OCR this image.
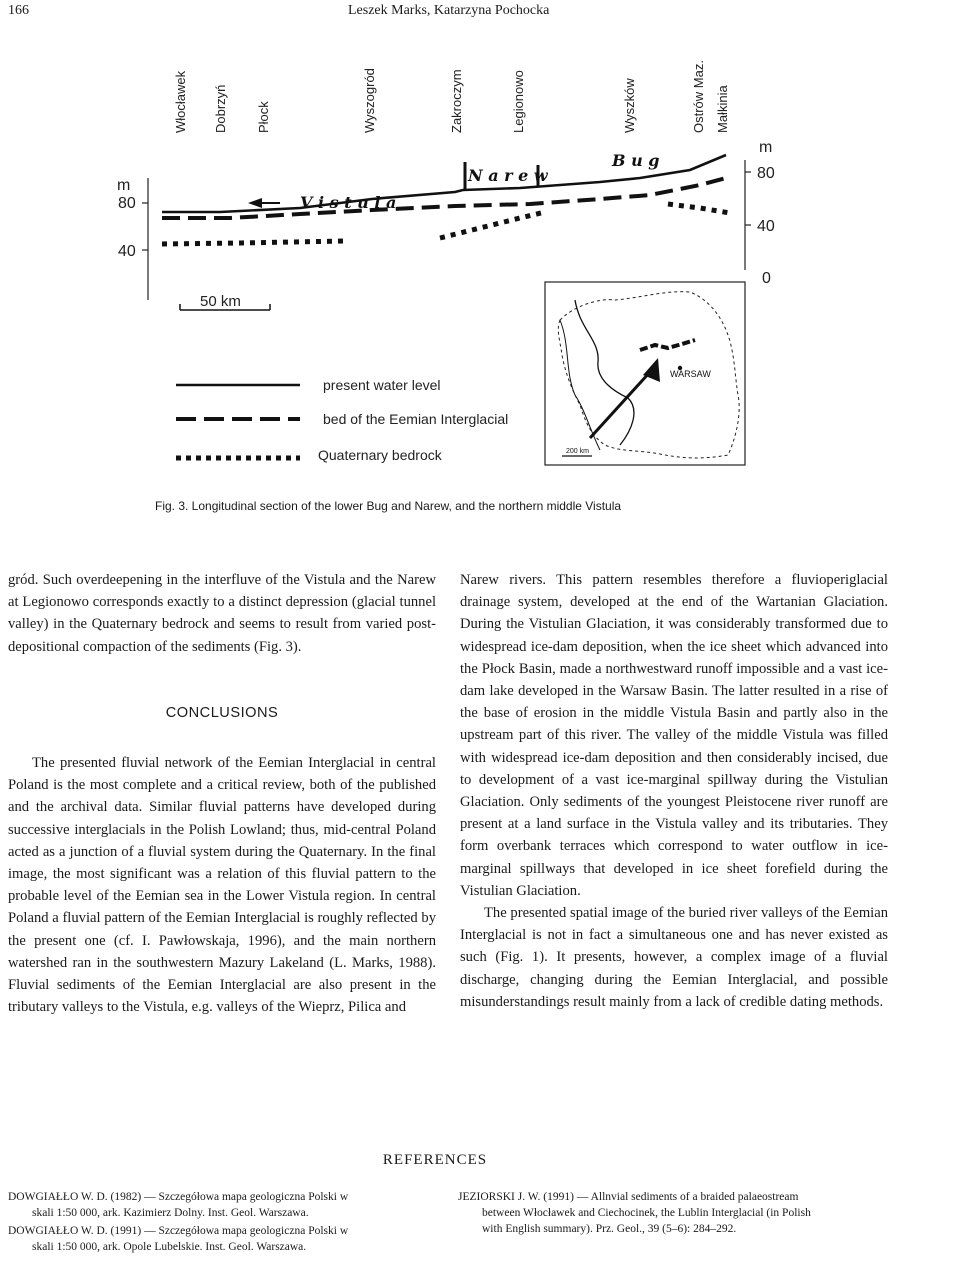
166	Leszek Marks, Katarzyna Pochocka
Włocławek Dobrzyń Płock	Wyszogród	Zakroczym	Legionowo	Wyszków	Ostrów Maz. Małkinia
m
80
40
m
80
40
0
V i s t u l a
N a r e w
B u g
50 km
present water level
bed of the Eemian Interglacial
Quaternary bedrock
WARSAW
200 km
Fig. 3. Longitudinal section of the lower Bug and Narew, and the northern middle Vistula

gród. Such overdeepening in the interfluve of the Vistula and the Narew at Legionowo corresponds exactly to a distinct depression (glacial tunnel valley) in the Quaternary bedrock and seems to result from varied post-depositional compaction of the sediments (Fig. 3).

CONCLUSIONS

The presented fluvial network of the Eemian Interglacial in central Poland is the most complete and a critical review, both of the published and the archival data. Similar fluvial patterns have developed during successive interglacials in the Polish Lowland; thus, mid-central Poland acted as a junction of a fluvial system during the Quaternary. In the final image, the most significant was a relation of this fluvial pattern to the probable level of the Eemian sea in the Lower Vistula region. In central Poland a fluvial pattern of the Eemian Interglacial is roughly reflected by the present one (cf. I. Pawłowskaja, 1996), and the main northern watershed ran in the southwestern Mazury Lakeland (L. Marks, 1988). Fluvial sediments of the Eemian Interglacial are also present in the tributary valleys to the Vistula, e.g. valleys of the Wieprz, Pilica and

Narew rivers. This pattern resembles therefore a fluvioperiglacial drainage system, developed at the end of the Wartanian Glaciation. During the Vistulian Glaciation, it was considerably transformed due to widespread ice-dam deposition, when the ice sheet which advanced into the Płock Basin, made a northwestward runoff impossible and a vast ice-dam lake developed in the Warsaw Basin. The latter resulted in a rise of the base of erosion in the middle Vistula Basin and partly also in the upstream part of this river. The valley of the middle Vistula was filled with widespread ice-dam deposition and then considerably incised, due to development of a vast ice-marginal spillway during the Vistulian Glaciation. Only sediments of the youngest Pleistocene river runoff are present at a land surface in the Vistula valley and its tributaries. They form overbank terraces which correspond to water outflow in ice-marginal spillways that developed in ice sheet forefield during the Vistulian Glaciation.

The presented spatial image of the buried river valleys of the Eemian Interglacial is not in fact a simultaneous one and has never existed as such (Fig. 1). It presents, however, a complex image of a fluvial discharge, changing during the Eemian Interglacial, and possible misunderstandings result mainly from a lack of credible dating methods.

REFERENCES
DOWGIAŁŁO W. D. (1982) — Szczegółowa mapa geologiczna Polski w
skali 1:50 000, ark. Kazimierz Dolny. Inst. Geol. Warszawa.
DOWGIAŁŁO W. D. (1991) — Szczegółowa mapa geologiczna Polski w
skali 1:50 000, ark. Opole Lubelskie. Inst. Geol. Warszawa.
JEZIORSKI J. W. (1991) — Allnvial sediments of a braided palaeostream
between Włocławek and Ciechocinek, the Lublin Interglacial (in Polish
with English summary). Prz. Geol., 39 (5–6): 284–292.
